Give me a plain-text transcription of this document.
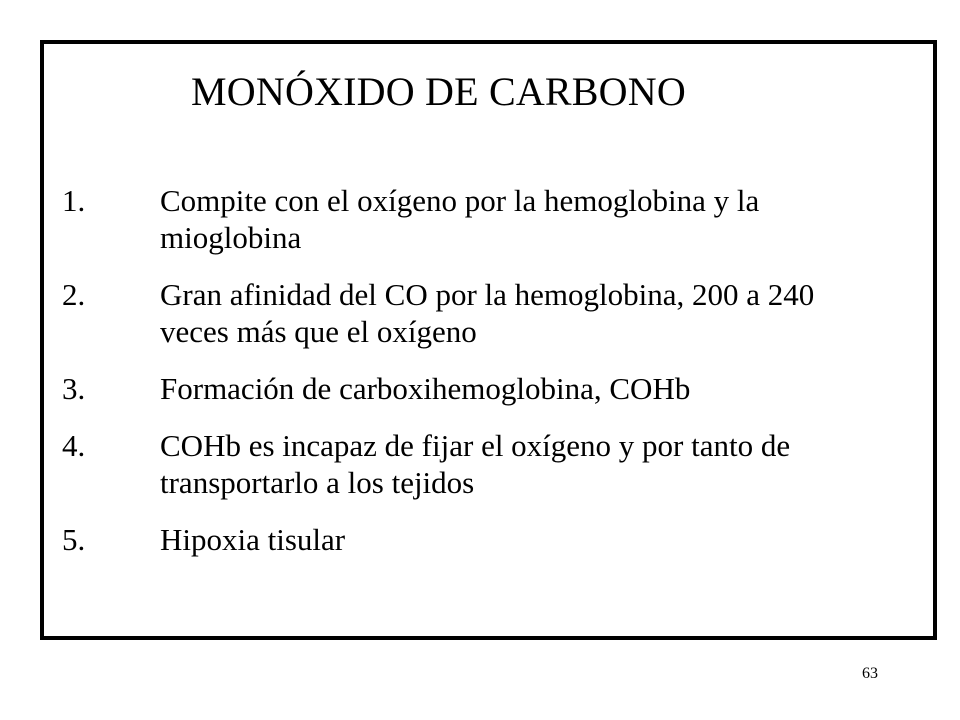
MONÓXIDO DE CARBONO
1.	Compite con el oxígeno por la hemoglobina y la mioglobina
2.	Gran afinidad del CO por la hemoglobina, 200 a 240 veces más que el oxígeno
3.	Formación de carboxihemoglobina, COHb
4.	COHb es incapaz de fijar el oxígeno y por tanto de transportarlo a los tejidos
5.	Hipoxia tisular
63
